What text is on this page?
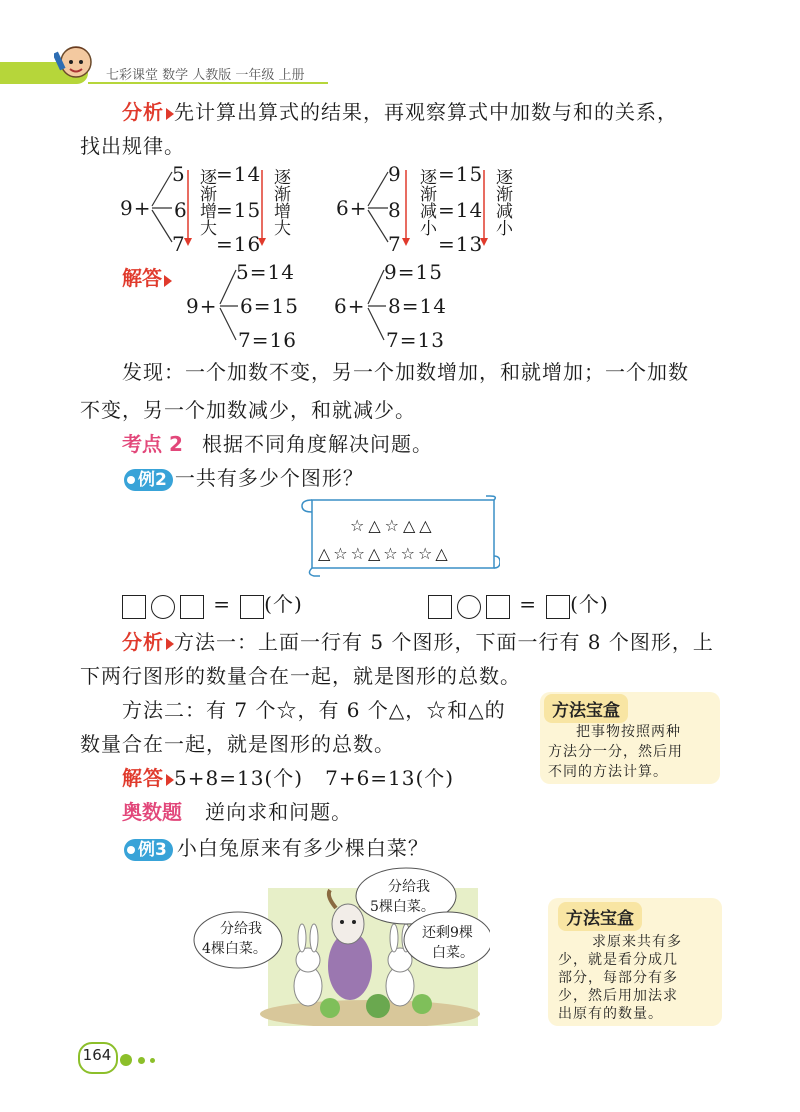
七彩课堂 数学 人教版 一年级 上册
分析 先计算出算式的结果，再观察算式中加数与和的关系，
找出规律。
9+
5
6
7
逐渐增大 =14
=15
=16
逐渐增大 6+
9
8
7
逐渐减小 =15
=14
=13
逐渐减小
解答
9+
5=14
6=15
7=16
6+
9=15
8=14
7=13
发现：一个加数不变，另一个加数增加，和就增加；一个加数
不变，另一个加数减少，和就减少。
考点 2 根据不同角度解决问题。
例2 一共有多少个图形？
☆△☆△△
△☆☆△☆☆☆△
= (个)	= (个)
分析 方法一：上面一行有 5 个图形，下面一行有 8 个图形，上
下两行图形的数量合在一起，就是图形的总数。
方法二：有 7 个☆，有 6 个△，☆和△的
数量合在一起，就是图形的总数。
方法宝盒
把事物按照两种
方法分一分，然后用
不同的方法计算。
解答 5+8=13(个)   7+6=13(个)
奥数题 逆向求和问题。
例3 小白兔原来有多少棵白菜？
分给我
4棵白菜。
分给我
5棵白菜。
还剩9棵
白菜。
方法宝盒
求原来共有多
少，就是看分成几
部分，每部分有多
少，然后用加法求
出原有的数量。
164
